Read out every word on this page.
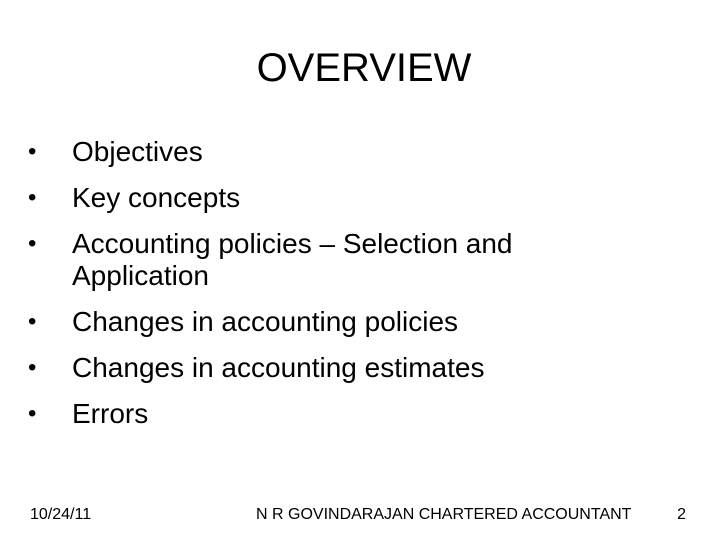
OVERVIEW
•	Objectives
•	Key concepts
•	Accounting policies – Selection and Application
•	Changes in accounting policies
•	Changes in accounting estimates
•	Errors
10/24/11	N R GOVINDARAJAN CHARTERED ACCOUNTANT	2
